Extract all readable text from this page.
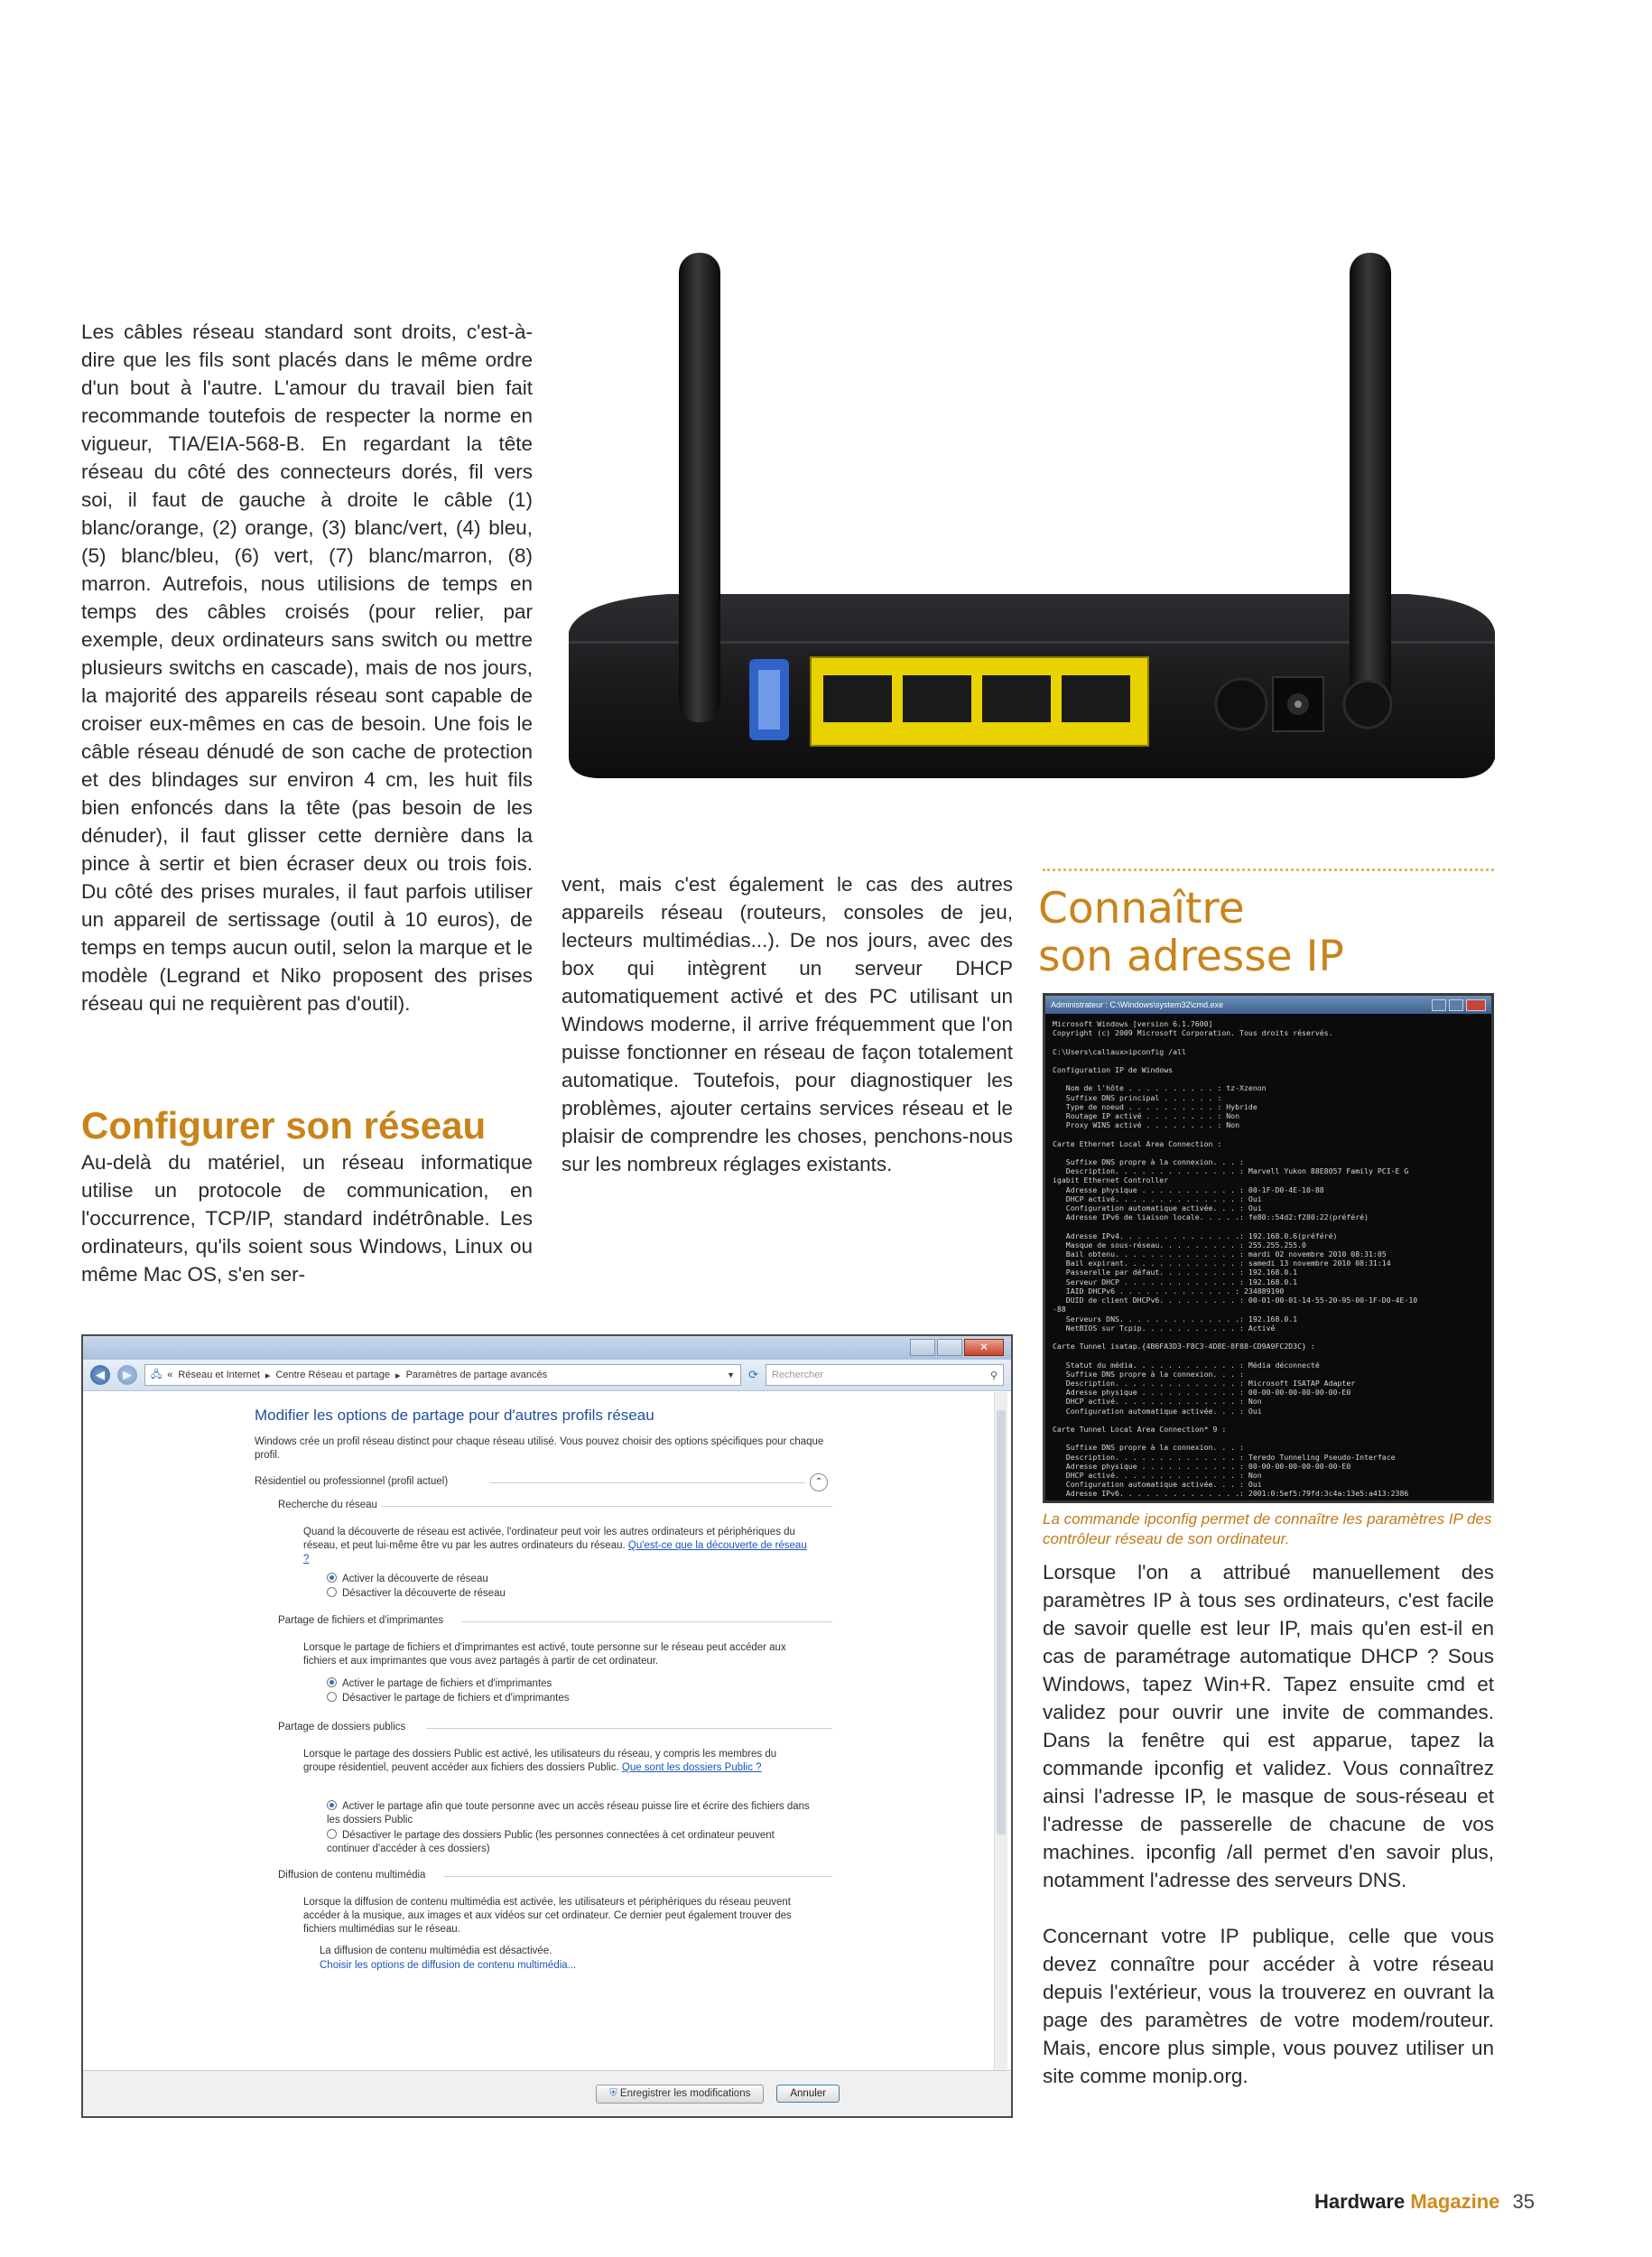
Les câbles réseau standard sont droits, c'est-à-dire que les fils sont placés dans le même ordre d'un bout à l'autre. L'amour du travail bien fait recommande toutefois de respecter la norme en vigueur, TIA/EIA-568-B. En regardant la tête réseau du côté des connecteurs dorés, fil vers soi, il faut de gauche à droite le câble (1) blanc/orange, (2) orange, (3) blanc/vert, (4) bleu, (5) blanc/bleu, (6) vert, (7) blanc/marron, (8) marron. Autrefois, nous utilisions de temps en temps des câbles croisés (pour relier, par exemple, deux ordinateurs sans switch ou mettre plusieurs switchs en cascade), mais de nos jours, la majorité des appareils réseau sont capable de croiser eux-mêmes en cas de besoin. Une fois le câble réseau dénudé de son cache de protection et des blindages sur environ 4 cm, les huit fils bien enfoncés dans la tête (pas besoin de les dénuder), il faut glisser cette dernière dans la pince à sertir et bien écraser deux ou trois fois. Du côté des prises murales, il faut parfois utiliser un appareil de sertissage (outil à 10 euros), de temps en temps aucun outil, selon la marque et le modèle (Legrand et Niko proposent des prises réseau qui ne requièrent pas d'outil).

Configurer son réseau

Au-delà du matériel, un réseau informatique utilise un protocole de communication, en l'occurrence, TCP/IP, standard indétrônable. Les ordinateurs, qu'ils soient sous Windows, Linux ou même Mac OS, s'en ser-

vent, mais c'est également le cas des autres appareils réseau (routeurs, consoles de jeu, lecteurs multimédias...). De nos jours, avec des box qui intègrent un serveur DHCP automatiquement activé et des PC utilisant un Windows moderne, il arrive fréquemment que l'on puisse fonctionner en réseau de façon totalement automatique. Toutefois, pour diagnostiquer les problèmes, ajouter certains services réseau et le plaisir de comprendre les choses, penchons-nous sur les nombreux réglages existants.

Connaître
son adresse IP
Administrateur : C:\Windows\system32\cmd.exe
Microsoft Windows [version 6.1.7600]
Copyright (c) 2009 Microsoft Corporation. Tous droits réservés.

C:\Users\callaux>ipconfig /all

Configuration IP de Windows

Nom de l'hôte . . . . . . . . . . : tz-Xzenon
Suffixe DNS principal . . . . . . :
Type de noeud . . . . . . . . . . : Hybride
Routage IP activé . . . . . . . . : Non
Proxy WINS activé . . . . . . . . : Non

Carte Ethernet Local Area Connection :

Suffixe DNS propre à la connexion. . . :
Description. . . . . . . . . . . . . . : Marvell Yukon 88E8057 Family PCI-E G
igabit Ethernet Controller
Adresse physique . . . . . . . . . . . : 00-1F-D0-4E-10-88
DHCP activé. . . . . . . . . . . . . . : Oui
Configuration automatique activée. . . : Oui
Adresse IPv6 de liaison locale. . . . .: fe80::54d2:f280:22(préféré)

Adresse IPv4. . . . . . . . . . . . . .: 192.168.0.6(préféré)
Masque de sous-réseau. . . . . . . . . : 255.255.255.0
Bail obtenu. . . . . . . . . . . . . . : mardi 02 novembre 2010 08:31:05
Bail expirant. . . . . . . . . . . . . : samedi 13 novembre 2010 08:31:14
Passerelle par défaut. . . . . . . . . : 192.168.0.1
Serveur DHCP . . . . . . . . . . . . . : 192.168.0.1
IAID DHCPv6 . . . . . . . . . . . . . : 234889190
DUID de client DHCPv6. . . . . . . . . : 00-01-00-01-14-55-20-95-00-1F-D0-4E-10
-88
Serveurs DNS. . . . . . . . . . . . . .: 192.168.0.1
NetBIOS sur Tcpip. . . . . . . . . . . : Activé

Carte Tunnel isatap.{4B6FA3D3-F8C3-4D8E-8F88-CD9A9FC2D3C} :

Statut du média. . . . . . . . . . . . : Média déconnecté
Suffixe DNS propre à la connexion. . . :
Description. . . . . . . . . . . . . . : Microsoft ISATAP Adapter
Adresse physique . . . . . . . . . . . : 00-00-00-00-00-00-00-E0
DHCP activé. . . . . . . . . . . . . . : Non
Configuration automatique activée. . . : Oui

Carte Tunnel Local Area Connection* 9 :

Suffixe DNS propre à la connexion. . . :
Description. . . . . . . . . . . . . . : Teredo Tunneling Pseudo-Interface
Adresse physique . . . . . . . . . . . : 00-00-00-00-00-00-00-E0
DHCP activé. . . . . . . . . . . . . . : Non
Configuration automatique activée. . . : Oui
Adresse IPv6. . . . . . . . . . . . . .: 2001:0:5ef5:79fd:3c4a:13e5:a413:2386

La commande ipconfig permet de connaître les paramètres IP des contrôleur réseau de son ordinateur.

Lorsque l'on a attribué manuellement des paramètres IP à tous ses ordinateurs, c'est facile de savoir quelle est leur IP, mais qu'en est-il en cas de paramétrage automatique DHCP ? Sous Windows, tapez Win+R. Tapez ensuite cmd et validez pour ouvrir une invite de commandes. Dans la fenêtre qui est apparue, tapez la commande ipconfig et validez. Vous connaîtrez ainsi l'adresse IP, le masque de sous-réseau et l'adresse de passerelle de chacune de vos machines. ipconfig /all permet d'en savoir plus, notamment l'adresse des serveurs DNS.

Concernant votre IP publique, celle que vous devez connaître pour accéder à votre réseau depuis l'extérieur, vous la trouverez en ouvrant la page des paramètres de votre modem/routeur. Mais, encore plus simple, vous pouvez utiliser un site comme monip.org.

✕
◀	▶	🖧 « Réseau et Internet ▸ Centre Réseau et partage ▸ Paramètres de partage avancés	▼ ⟳ Rechercher	⚲
Modifier les options de partage pour d'autres profils réseau
Windows crée un profil réseau distinct pour chaque réseau utilisé. Vous pouvez choisir des options spécifiques pour chaque profil.
Résidentiel ou professionnel (profil actuel)	⌃
Recherche du réseau
Quand la découverte de réseau est activée, l'ordinateur peut voir les autres ordinateurs et périphériques du réseau, et peut lui-même être vu par les autres ordinateurs du réseau. Qu'est-ce que la découverte de réseau ?
Activer la découverte de réseau
Désactiver la découverte de réseau
Partage de fichiers et d'imprimantes
Lorsque le partage de fichiers et d'imprimantes est activé, toute personne sur le réseau peut accéder aux fichiers et aux imprimantes que vous avez partagés à partir de cet ordinateur.
Activer le partage de fichiers et d'imprimantes
Désactiver le partage de fichiers et d'imprimantes
Partage de dossiers publics
Lorsque le partage des dossiers Public est activé, les utilisateurs du réseau, y compris les membres du groupe résidentiel, peuvent accéder aux fichiers des dossiers Public. Que sont les dossiers Public ?
Activer le partage afin que toute personne avec un accès réseau puisse lire et écrire des fichiers dans les dossiers Public
Désactiver le partage des dossiers Public (les personnes connectées à cet ordinateur peuvent continuer d'accéder à ces dossiers)
Diffusion de contenu multimédia
Lorsque la diffusion de contenu multimédia est activée, les utilisateurs et périphériques du réseau peuvent accéder à la musique, aux images et aux vidéos sur cet ordinateur. Ce dernier peut également trouver des fichiers multimédias sur le réseau.
La diffusion de contenu multimédia est désactivée.
Choisir les options de diffusion de contenu multimédia...
⛨ Enregistrer les modifications	Annuler
Hardware Magazine 35
